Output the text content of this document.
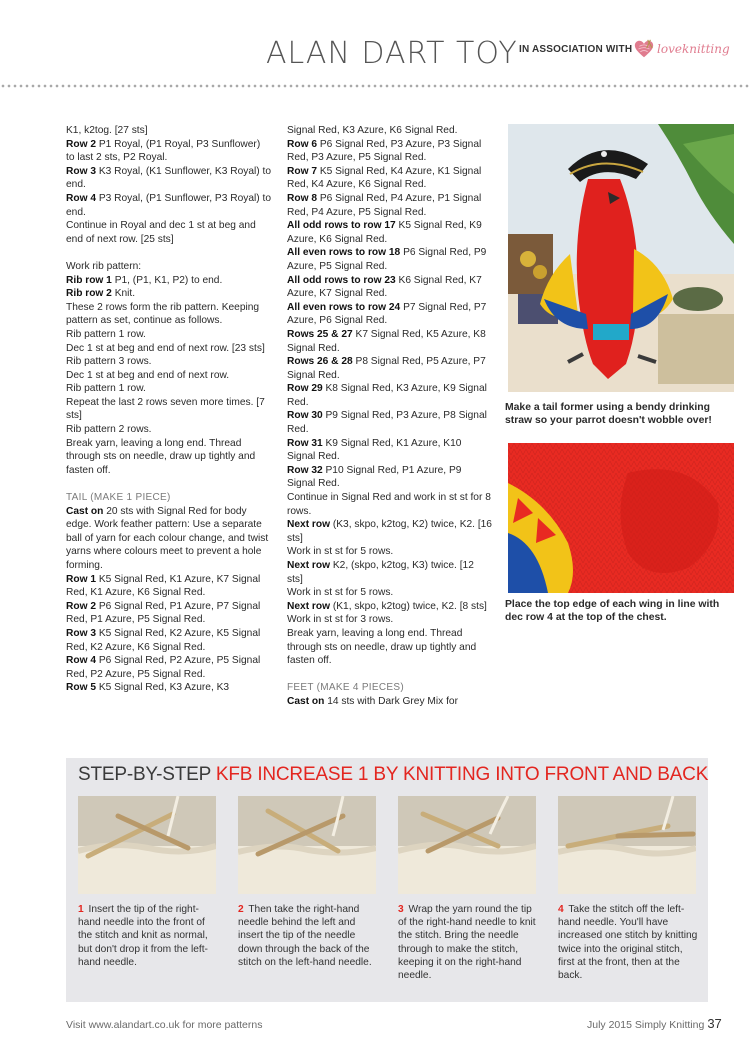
ALAN DART TOY IN ASSOCIATION WITH loveknitting

K1, k2tog. [27 sts]

Row 2 P1 Royal, (P1 Royal, P3 Sunflower) to last 2 sts, P2 Royal.

Row 3 K3 Royal, (K1 Sunflower, K3 Royal) to end.

Row 4 P3 Royal, (P1 Sunflower, P3 Royal) to end.

Continue in Royal and dec 1 st at beg and end of next row. [25 sts]

Work rib pattern:

Rib row 1 P1, (P1, K1, P2) to end.

Rib row 2 Knit.

These 2 rows form the rib pattern. Keeping pattern as set, continue as follows.

Rib pattern 1 row.

Dec 1 st at beg and end of next row. [23 sts]

Rib pattern 3 rows.

Dec 1 st at beg and end of next row.

Rib pattern 1 row.

Repeat the last 2 rows seven more times. [7 sts]

Rib pattern 2 rows.

Break yarn, leaving a long end. Thread through sts on needle, draw up tightly and fasten off.

TAIL (MAKE 1 PIECE)

Cast on 20 sts with Signal Red for body edge. Work feather pattern: Use a separate ball of yarn for each colour change, and twist yarns where colours meet to prevent a hole forming.

Row 1 K5 Signal Red, K1 Azure, K7 Signal Red, K1 Azure, K6 Signal Red.

Row 2 P6 Signal Red, P1 Azure, P7 Signal Red, P1 Azure, P5 Signal Red.

Row 3 K5 Signal Red, K2 Azure, K5 Signal Red, K2 Azure, K6 Signal Red.

Row 4 P6 Signal Red, P2 Azure, P5 Signal Red, P2 Azure, P5 Signal Red.

Row 5 K5 Signal Red, K3 Azure, K3

Signal Red, K3 Azure, K6 Signal Red.

Row 6 P6 Signal Red, P3 Azure, P3 Signal Red, P3 Azure, P5 Signal Red.

Row 7 K5 Signal Red, K4 Azure, K1 Signal Red, K4 Azure, K6 Signal Red.

Row 8 P6 Signal Red, P4 Azure, P1 Signal Red, P4 Azure, P5 Signal Red.

All odd rows to row 17 K5 Signal Red, K9 Azure, K6 Signal Red.

All even rows to row 18 P6 Signal Red, P9 Azure, P5 Signal Red.

All odd rows to row 23 K6 Signal Red, K7 Azure, K7 Signal Red.

All even rows to row 24 P7 Signal Red, P7 Azure, P6 Signal Red.

Rows 25 & 27 K7 Signal Red, K5 Azure, K8 Signal Red.

Rows 26 & 28 P8 Signal Red, P5 Azure, P7 Signal Red.

Row 29 K8 Signal Red, K3 Azure, K9 Signal Red.

Row 30 P9 Signal Red, P3 Azure, P8 Signal Red.

Row 31 K9 Signal Red, K1 Azure, K10 Signal Red.

Row 32 P10 Signal Red, P1 Azure, P9 Signal Red.

Continue in Signal Red and work in st st for 8 rows.

Next row (K3, skpo, k2tog, K2) twice, K2. [16 sts]

Work in st st for 5 rows.

Next row K2, (skpo, k2tog, K3) twice. [12 sts]

Work in st st for 5 rows.

Next row (K1, skpo, k2tog) twice, K2. [8 sts]

Work in st st for 3 rows.

Break yarn, leaving a long end. Thread through sts on needle, draw up tightly and fasten off.

FEET (MAKE 4 PIECES)

Cast on 14 sts with Dark Grey Mix for

Make a tail former using a bendy drinking straw so your parrot doesn't wobble over!
Place the top edge of each wing in line with dec row 4 at the top of the chest.
STEP-BY-STEP KFB INCREASE 1 BY KNITTING INTO FRONT AND BACK
1 Insert the tip of the right-hand needle into the front of the stitch and knit as normal, but don't drop it from the left-hand needle.
2 Then take the right-hand needle behind the left and insert the tip of the needle down through the back of the stitch on the left-hand needle.
3 Wrap the yarn round the tip of the right-hand needle to knit the stitch. Bring the needle through to make the stitch, keeping it on the right-hand needle.
4 Take the stitch off the left-hand needle. You'll have increased one stitch by knitting twice into the original stitch, first at the front, then at the back.
Visit www.alandart.co.uk for more patterns	July 2015 Simply Knitting 37
